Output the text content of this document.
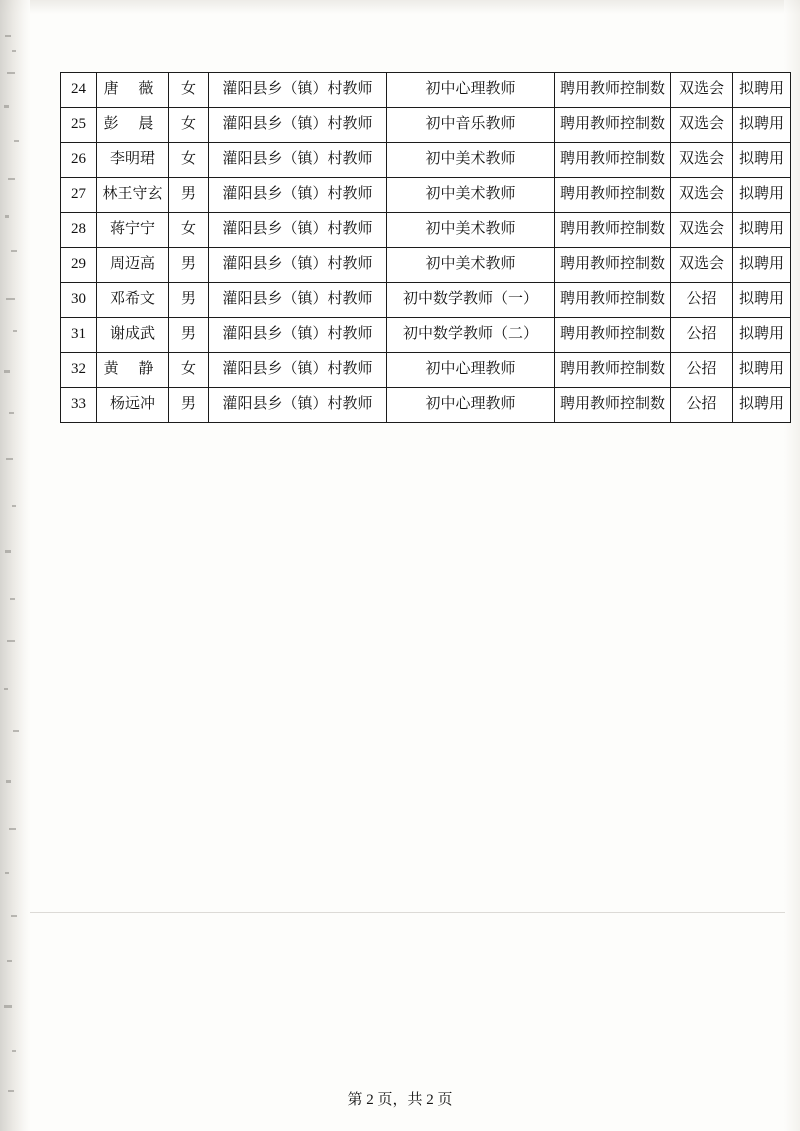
24	唐 薇	女	灌阳县乡（镇）村教师	初中心理教师	聘用教师控制数	双选会	拟聘用
25	彭 晨	女	灌阳县乡（镇）村教师	初中音乐教师	聘用教师控制数	双选会	拟聘用
26	李明珺	女	灌阳县乡（镇）村教师	初中美术教师	聘用教师控制数	双选会	拟聘用
27	林王守玄	男	灌阳县乡（镇）村教师	初中美术教师	聘用教师控制数	双选会	拟聘用
28	蒋宁宁	女	灌阳县乡（镇）村教师	初中美术教师	聘用教师控制数	双选会	拟聘用
29	周迈高	男	灌阳县乡（镇）村教师	初中美术教师	聘用教师控制数	双选会	拟聘用
30	邓希文	男	灌阳县乡（镇）村教师	初中数学教师（一）	聘用教师控制数	公招	拟聘用
31	谢成武	男	灌阳县乡（镇）村教师	初中数学教师（二）	聘用教师控制数	公招	拟聘用
32	黄 静	女	灌阳县乡（镇）村教师	初中心理教师	聘用教师控制数	公招	拟聘用
33	杨远冲	男	灌阳县乡（镇）村教师	初中心理教师	聘用教师控制数	公招	拟聘用
第 2 页，共 2 页
